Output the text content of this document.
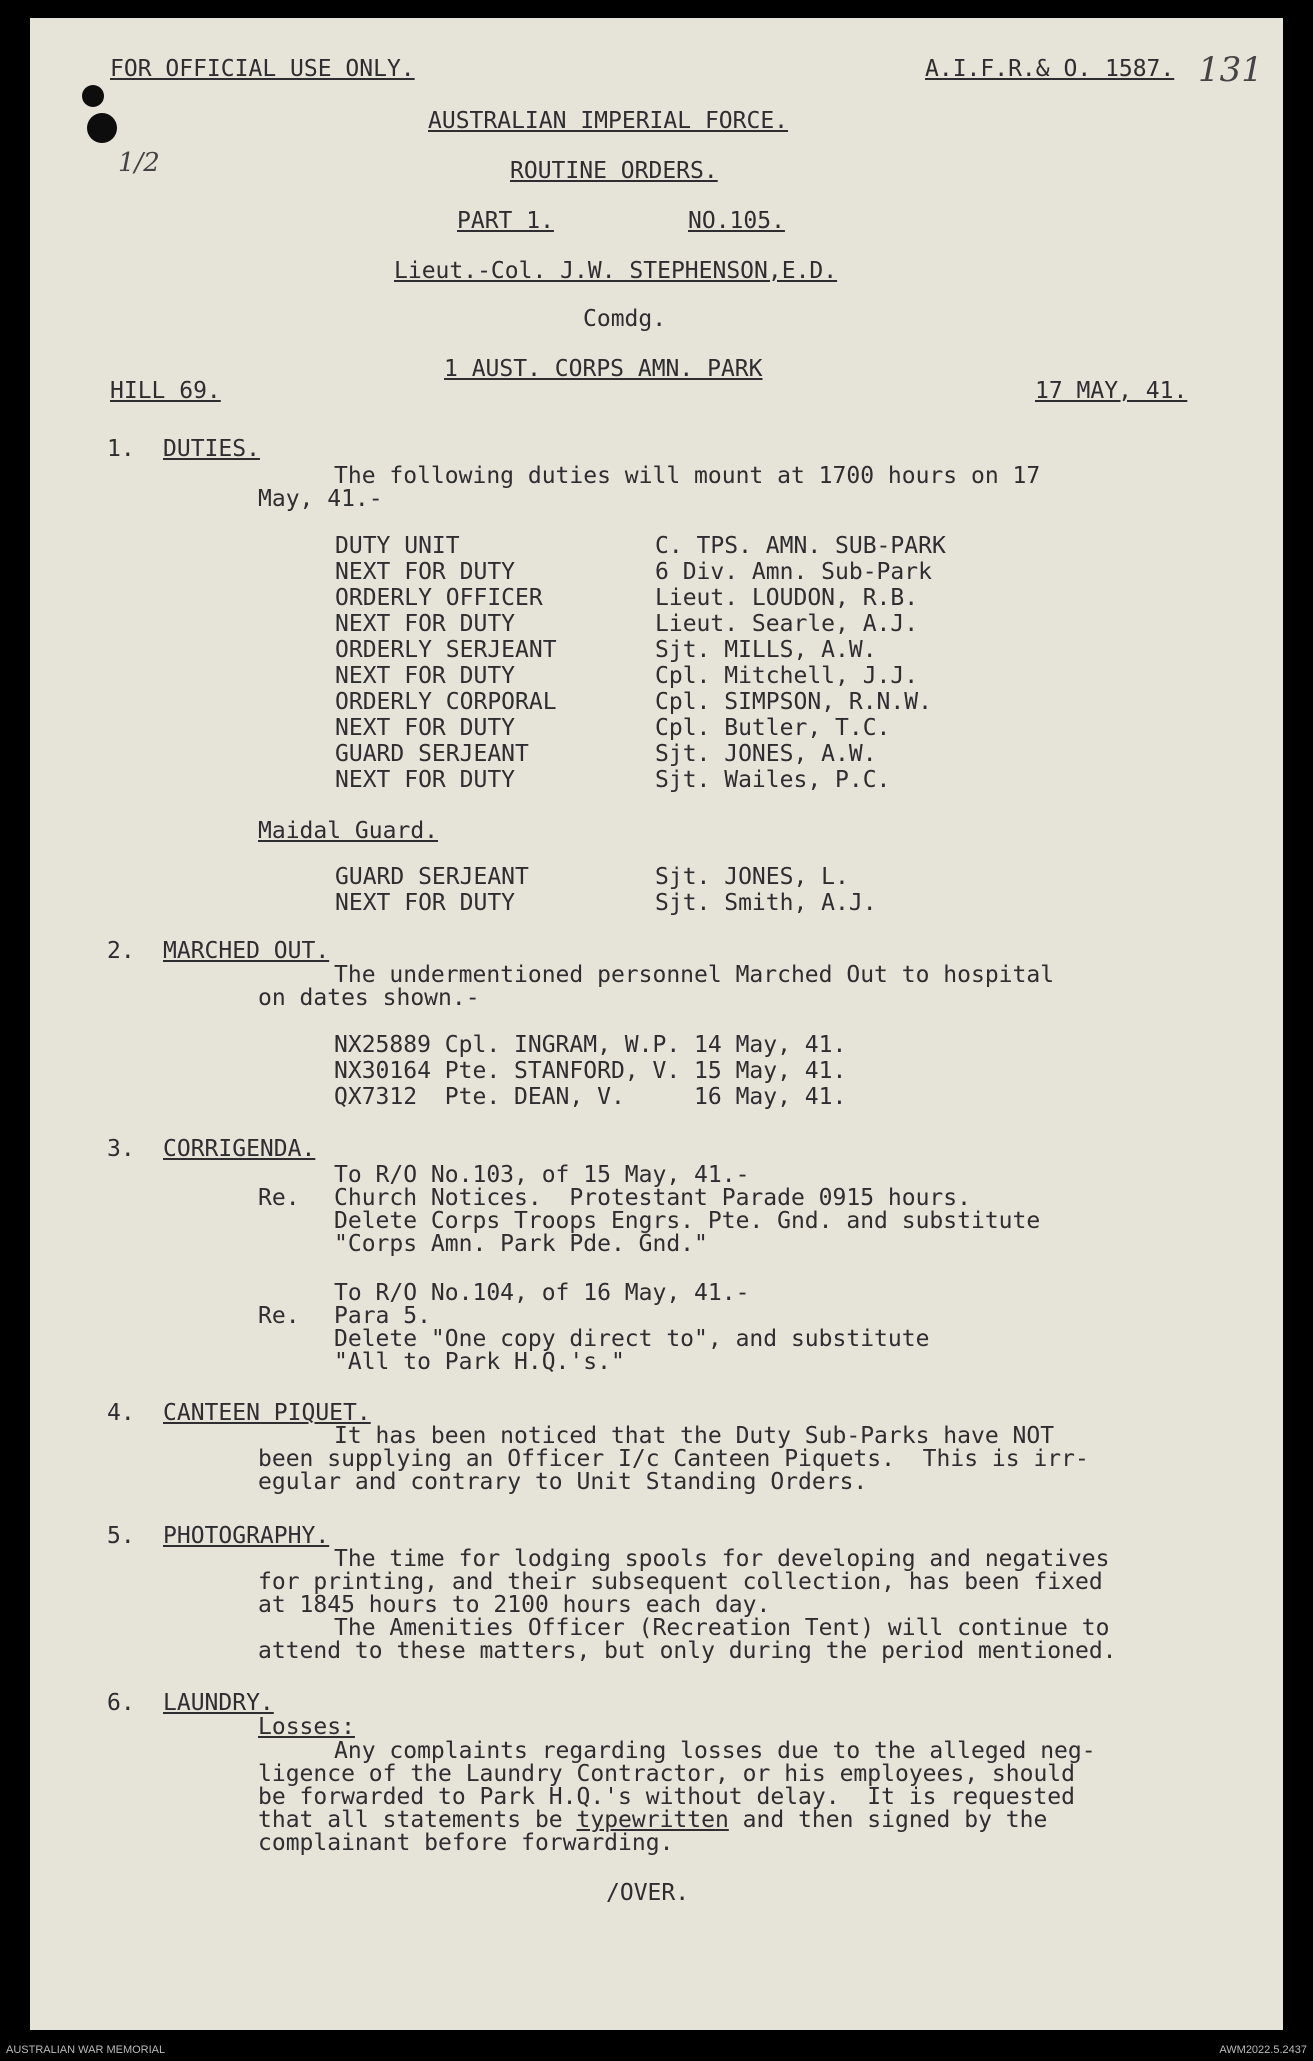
1/2
131
FOR OFFICIAL USE ONLY.	A.I.F.R.& O. 1587.
AUSTRALIAN IMPERIAL FORCE.
ROUTINE ORDERS.
PART 1.	NO.105.
Lieut.-Col. J.W. STEPHENSON,E.D.
Comdg.
1 AUST. CORPS AMN. PARK
HILL 69.	17 MAY, 41.
1. DUTIES.
The following duties will mount at 1700 hours on 17
May, 41.-
DUTY UNIT	C. TPS. AMN. SUB-PARK
NEXT FOR DUTY	6 Div. Amn. Sub-Park
ORDERLY OFFICER	Lieut. LOUDON, R.B.
NEXT FOR DUTY	Lieut. Searle, A.J.
ORDERLY SERJEANT	Sjt. MILLS, A.W.
NEXT FOR DUTY	Cpl. Mitchell, J.J.
ORDERLY CORPORAL	Cpl. SIMPSON, R.N.W.
NEXT FOR DUTY	Cpl. Butler, T.C.
GUARD SERJEANT	Sjt. JONES, A.W.
NEXT FOR DUTY	Sjt. Wailes, P.C.
Maidal Guard.
GUARD SERJEANT	Sjt. JONES, L.
NEXT FOR DUTY	Sjt. Smith, A.J.
2. MARCHED OUT.
The undermentioned personnel Marched Out to hospital
on dates shown.-
NX25889 Cpl. INGRAM, W.P. 14 May, 41.
NX30164 Pte. STANFORD, V. 15 May, 41.
QX7312  Pte. DEAN, V.     16 May, 41.
3. CORRIGENDA.
To R/O No.103, of 15 May, 41.-
Re. Church Notices.  Protestant Parade 0915 hours.
Delete Corps Troops Engrs. Pte. Gnd. and substitute
"Corps Amn. Park Pde. Gnd."
To R/O No.104, of 16 May, 41.-
Re. Para 5.
Delete "One copy direct to", and substitute
"All to Park H.Q.'s."
4. CANTEEN PIQUET.
It has been noticed that the Duty Sub-Parks have NOT
been supplying an Officer I/c Canteen Piquets.  This is irr-
egular and contrary to Unit Standing Orders.
5. PHOTOGRAPHY.
The time for lodging spools for developing and negatives
for printing, and their subsequent collection, has been fixed
at 1845 hours to 2100 hours each day.
The Amenities Officer (Recreation Tent) will continue to
attend to these matters, but only during the period mentioned.
6. LAUNDRY.
Losses:
Any complaints regarding losses due to the alleged neg-
ligence of the Laundry Contractor, or his employees, should
be forwarded to Park H.Q.'s without delay.  It is requested
that all statements be typewritten and then signed by the
complainant before forwarding.
/OVER.
AUSTRALIAN WAR MEMORIAL	AWM2022.5.2437
